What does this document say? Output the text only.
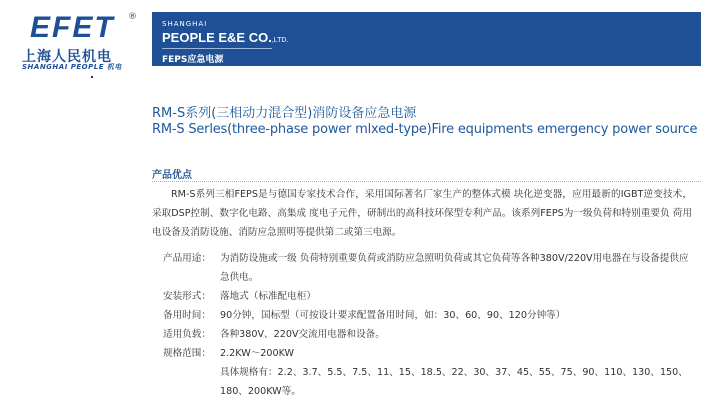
EFET ®
上海人民机电
SHANGHAI PEOPLE 机电
SHANGHAI
PEOPLE E&E CO.,LTD.
FEPS应急电源
RM-S系列(三相动力混合型)消防设备应急电源
RM-S Serles(three-phase power mlxed-type)Fire equipments emergency power source
产品优点

RM-S系列三相FEPS是与德国专家技术合作，采用国际著名厂家生产的整体式模 块化逆变器，应用最新的IGBT逆变技术，采取DSP控制、数字化电路、高集成 度电子元件，研制出的高科技环保型专利产品。该系列FEPS为一级负荷和特别重要负 荷用电设备及消防设施、消防应急照明等提供第二或第三电源。

产品用途： 为消防设施或一级 负荷特别重要负荷或消防应急照明负荷或其它负荷等各种380V/220V用电器在与设备提供应急供电。
安装形式： 落地式（标准配电柜）
备用时间： 90分钟，国标型（可按设计要求配置备用时间，如：30、60、90、120分钟等）
适用负载： 各种380V、220V交流用电器和设备。
规格范围： 2.2KW～200KW
具体规格有：2.2、3.7、5.5、7.5、11、15、18.5、22、30、37、45、55、75、90、110、130、150、180、200KW等。
